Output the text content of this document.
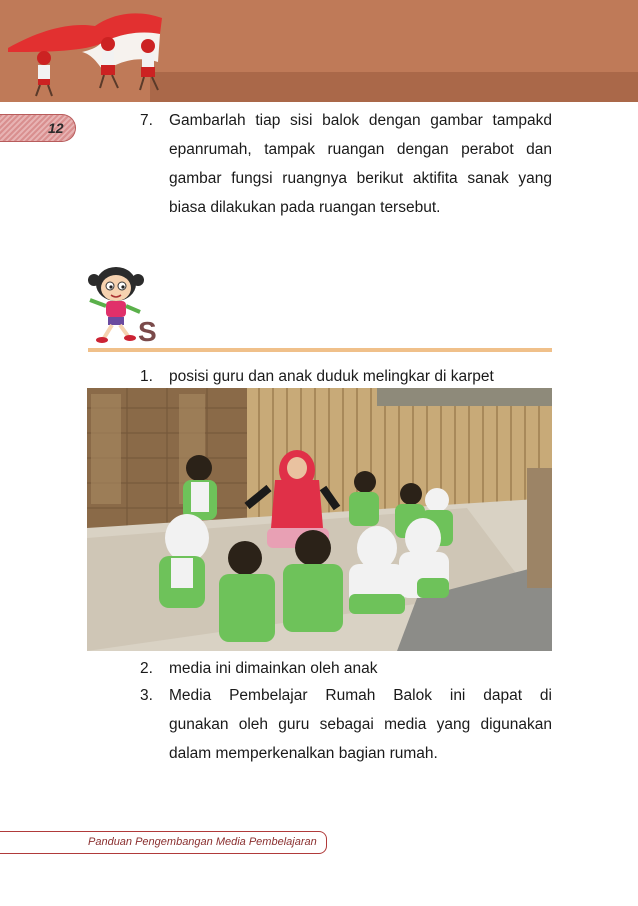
12	7.	Gambarlah tiap sisi balok dengan gambar tampakd
epanrumah, tampak ruangan dengan perabot dan
gambar fungsi ruangnya berikut aktifita sanak yang
biasa dilakukan pada ruangan tersebut.
S
1.	posisi guru dan anak duduk melingkar di karpet
2.	media ini dimainkan oleh anak
3.	Media Pembelajar Rumah Balok ini dapat di
gunakan oleh guru sebagai media yang digunakan
dalam memperkenalkan bagian rumah.
Panduan Pengembangan Media Pembelajaran
